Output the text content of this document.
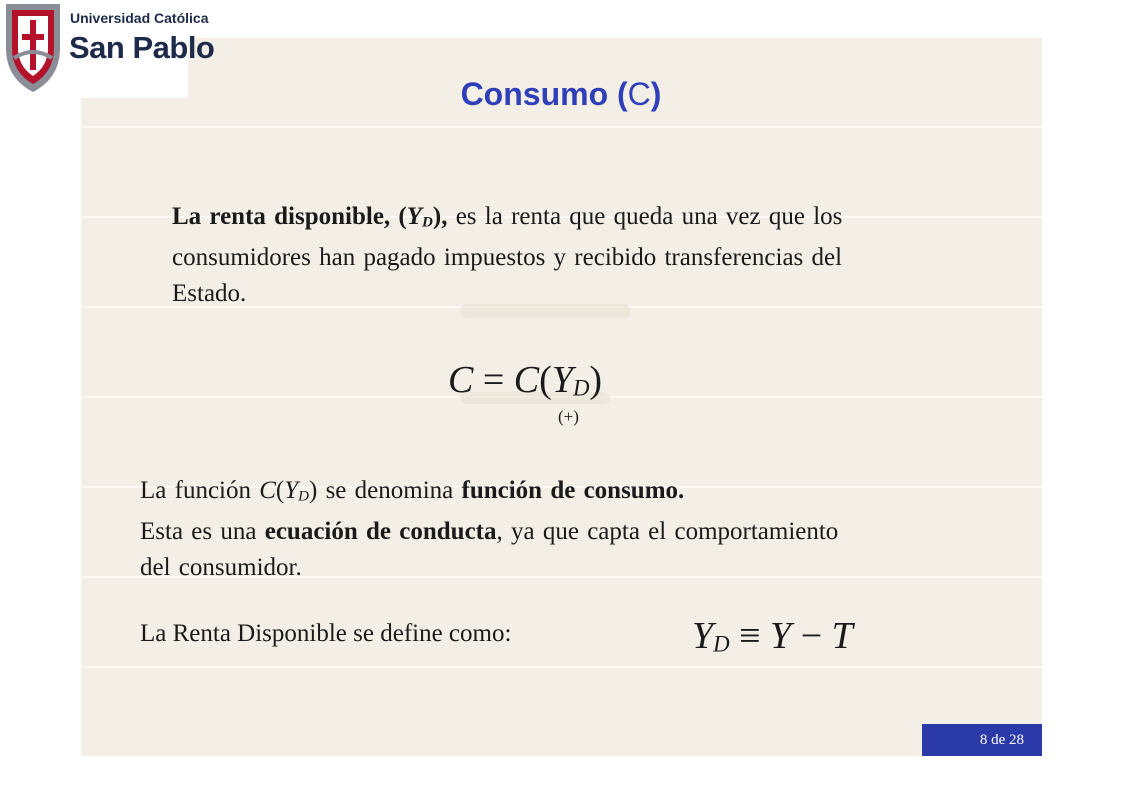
Universidad Católica
San Pablo
Consumo (C)
La renta disponible, $(Y_D)$, es la renta que queda una vez que los consumidores han pagado impuestos y recibido transferencias del Estado.
$C = C(Y_D)$
(+)
La función $C(Y_D)$ se denomina función de consumo.
Esta es una ecuación de conducta, ya que capta el comportamiento del consumidor.
La Renta Disponible se define como:	$Y_D \equiv Y - T$
8 de 28
